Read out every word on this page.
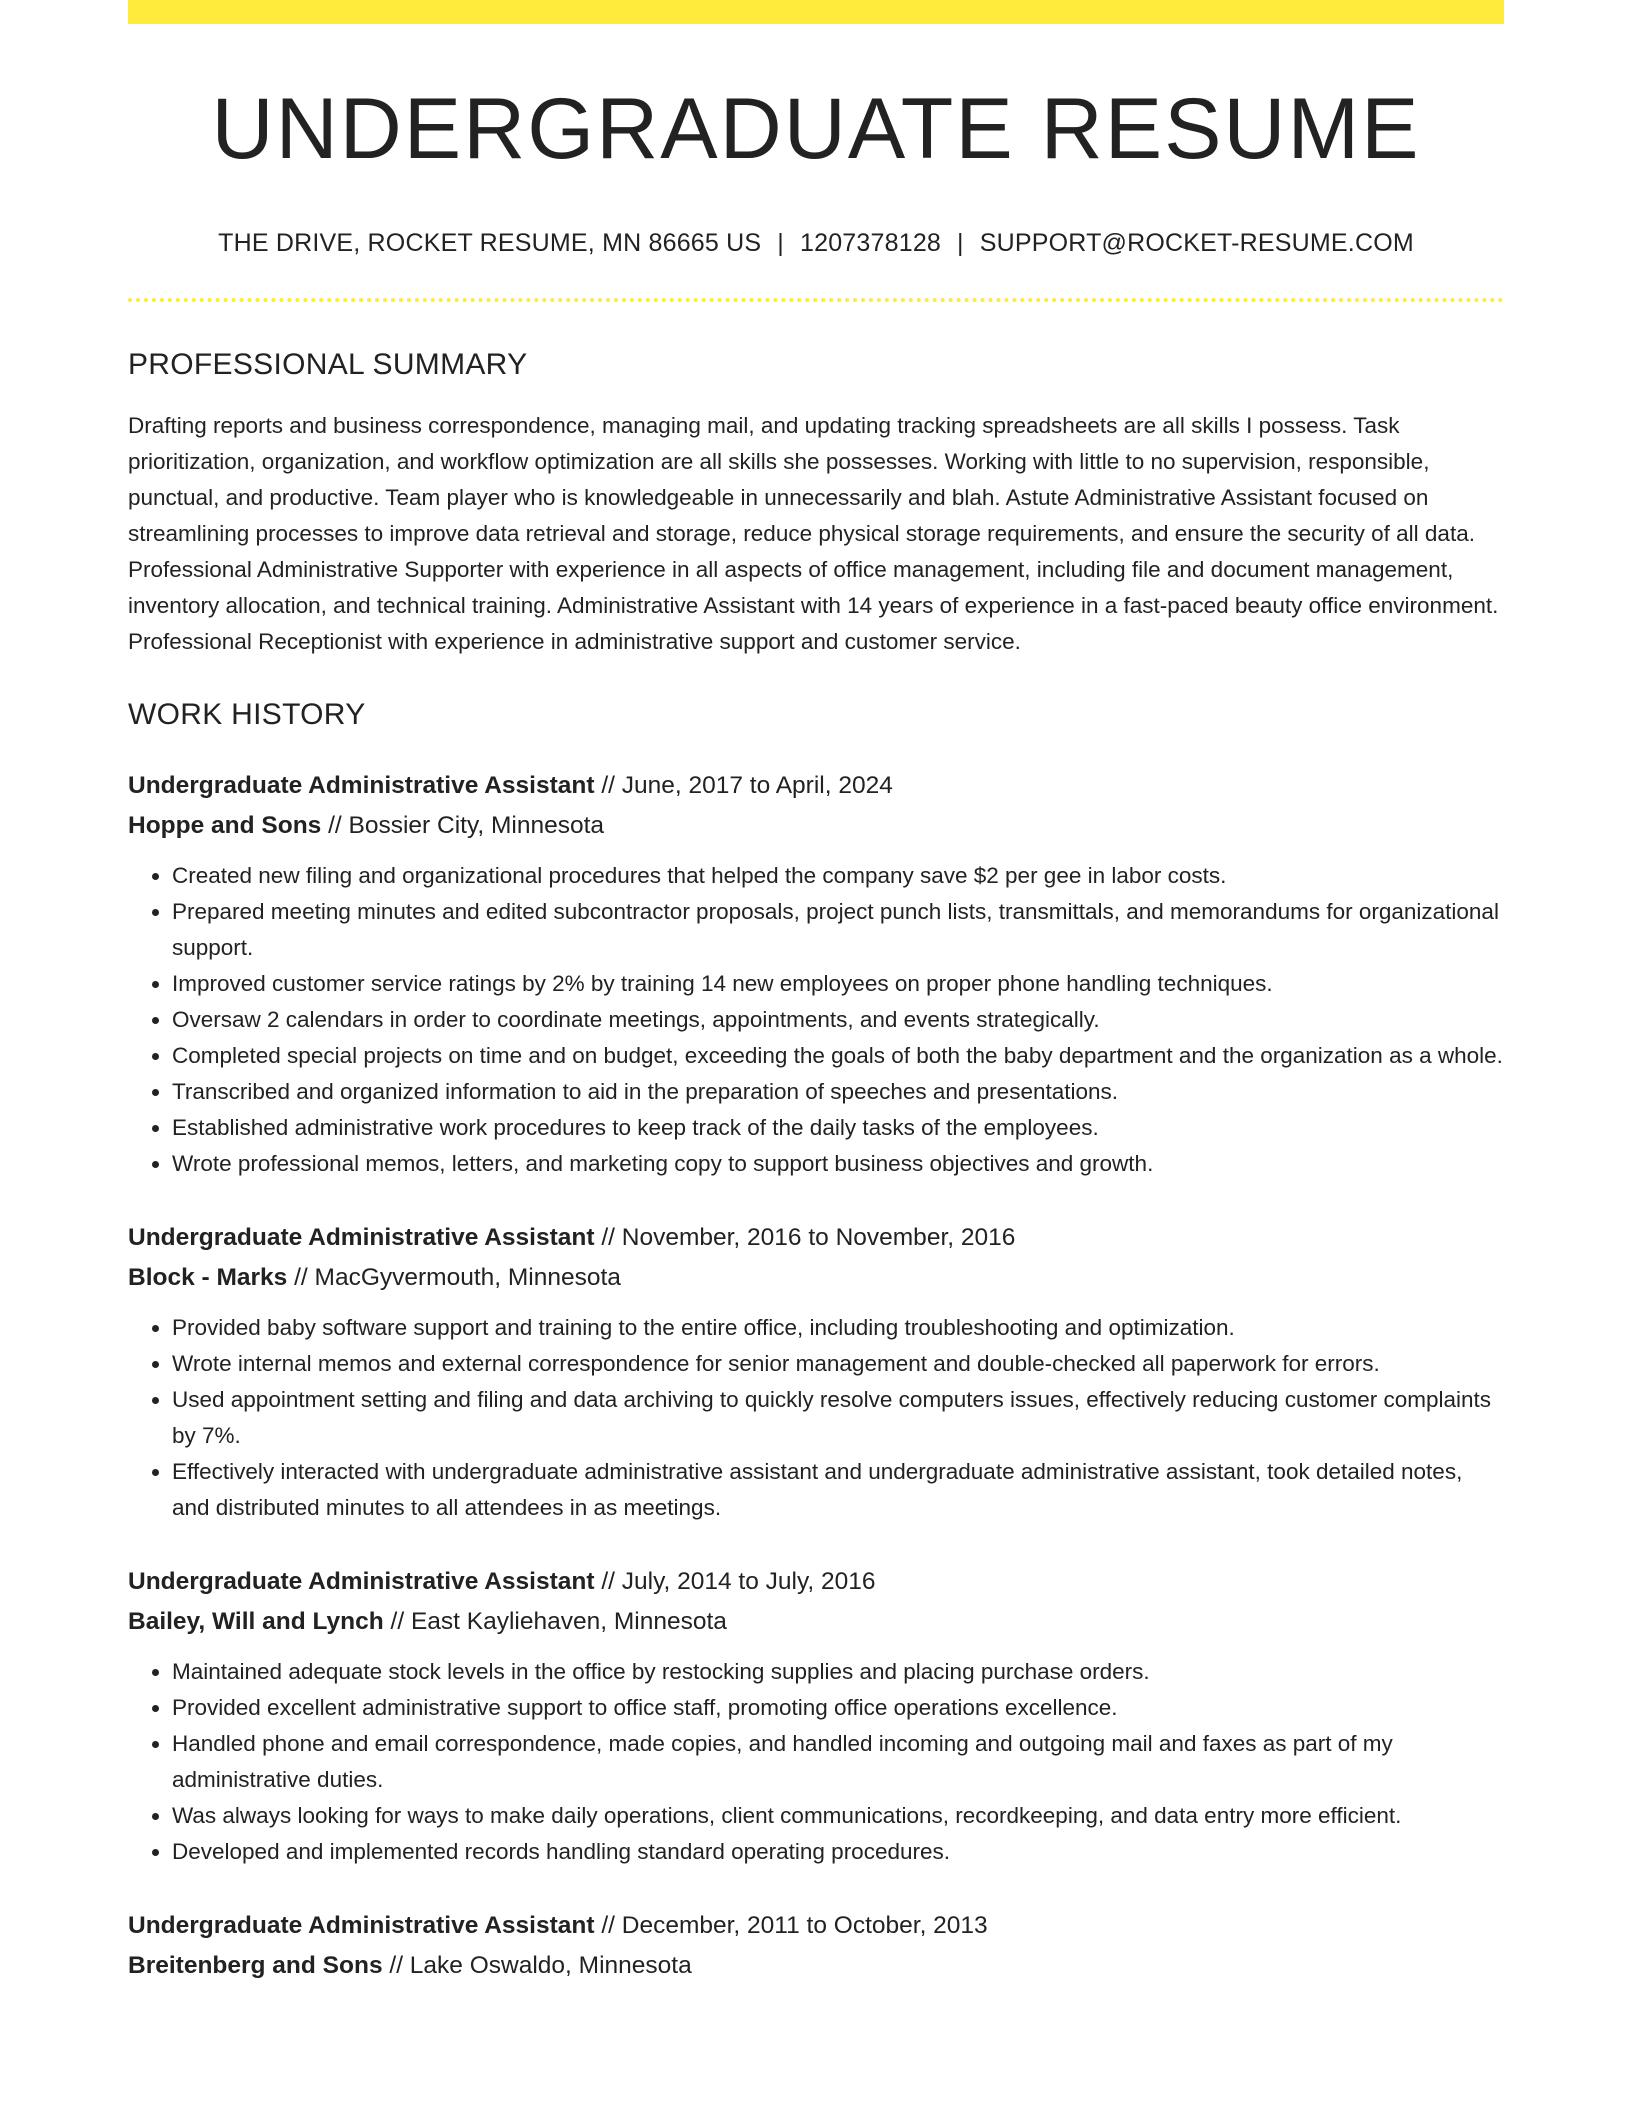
UNDERGRADUATE RESUME
THE DRIVE, ROCKET RESUME, MN 86665 US | 1207378128 | SUPPORT@ROCKET-RESUME.COM
PROFESSIONAL SUMMARY

Drafting reports and business correspondence, managing mail, and updating tracking spreadsheets are all skills I possess. Task prioritization, organization, and workflow optimization are all skills she possesses. Working with little to no supervision, responsible, punctual, and productive. Team player who is knowledgeable in unnecessarily and blah. Astute Administrative Assistant focused on streamlining processes to improve data retrieval and storage, reduce physical storage requirements, and ensure the security of all data. Professional Administrative Supporter with experience in all aspects of office management, including file and document management, inventory allocation, and technical training. Administrative Assistant with 14 years of experience in a fast-paced beauty office environment. Professional Receptionist with experience in administrative support and customer service.

WORK HISTORY
Undergraduate Administrative Assistant // June, 2017 to April, 2024
Hoppe and Sons // Bossier City, Minnesota
• Created new filing and organizational procedures that helped the company save $2 per gee in labor costs.
• Prepared meeting minutes and edited subcontractor proposals, project punch lists, transmittals, and memorandums for organizational support.
• Improved customer service ratings by 2% by training 14 new employees on proper phone handling techniques.
• Oversaw 2 calendars in order to coordinate meetings, appointments, and events strategically.
• Completed special projects on time and on budget, exceeding the goals of both the baby department and the organization as a whole.
• Transcribed and organized information to aid in the preparation of speeches and presentations.
• Established administrative work procedures to keep track of the daily tasks of the employees.
• Wrote professional memos, letters, and marketing copy to support business objectives and growth.
Undergraduate Administrative Assistant // November, 2016 to November, 2016
Block - Marks // MacGyvermouth, Minnesota
• Provided baby software support and training to the entire office, including troubleshooting and optimization.
• Wrote internal memos and external correspondence for senior management and double-checked all paperwork for errors.
• Used appointment setting and filing and data archiving to quickly resolve computers issues, effectively reducing customer complaints by 7%.
• Effectively interacted with undergraduate administrative assistant and undergraduate administrative assistant, took detailed notes, and distributed minutes to all attendees in as meetings.
Undergraduate Administrative Assistant // July, 2014 to July, 2016
Bailey, Will and Lynch // East Kayliehaven, Minnesota
• Maintained adequate stock levels in the office by restocking supplies and placing purchase orders.
• Provided excellent administrative support to office staff, promoting office operations excellence.
• Handled phone and email correspondence, made copies, and handled incoming and outgoing mail and faxes as part of my administrative duties.
• Was always looking for ways to make daily operations, client communications, recordkeeping, and data entry more efficient.
• Developed and implemented records handling standard operating procedures.
Undergraduate Administrative Assistant // December, 2011 to October, 2013
Breitenberg and Sons // Lake Oswaldo, Minnesota
